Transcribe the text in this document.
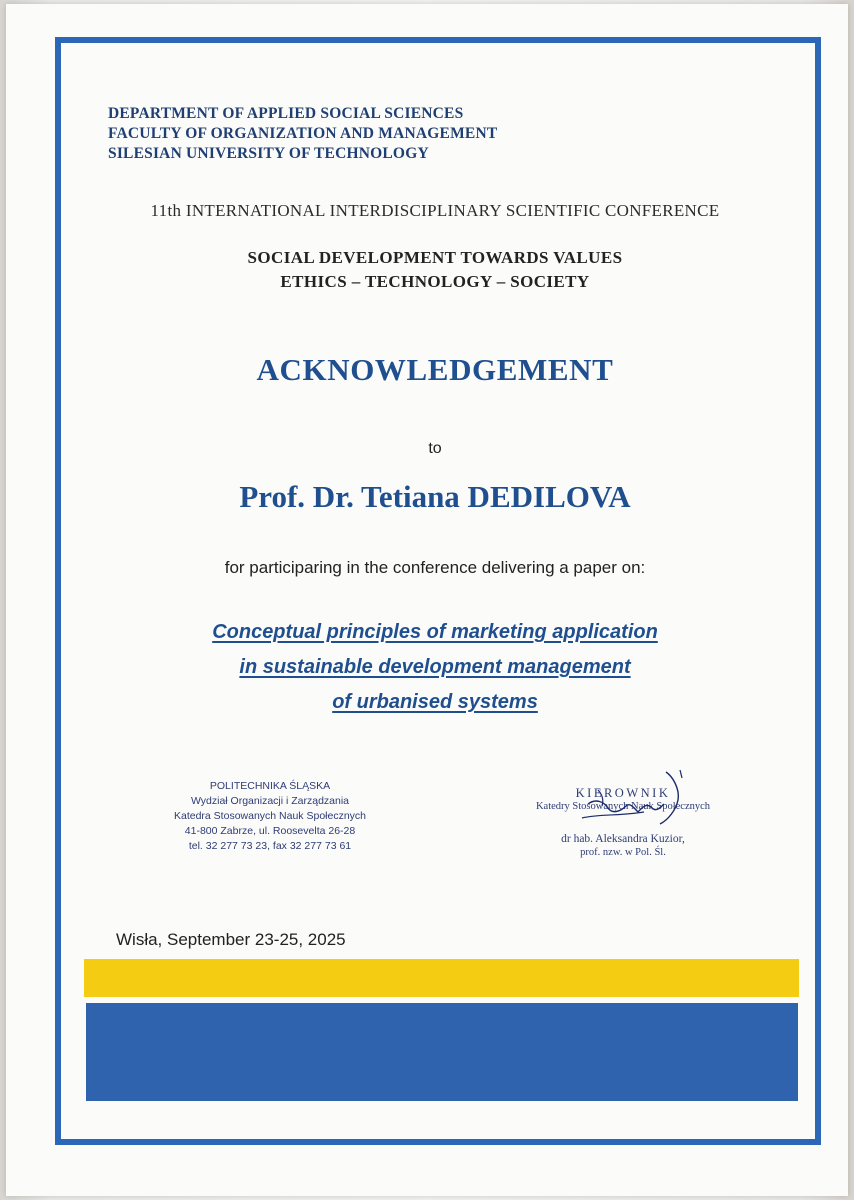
DEPARTMENT OF APPLIED SOCIAL SCIENCES
FACULTY OF ORGANIZATION AND MANAGEMENT
SILESIAN UNIVERSITY OF TECHNOLOGY
11th INTERNATIONAL INTERDISCIPLINARY SCIENTIFIC CONFERENCE
SOCIAL DEVELOPMENT TOWARDS VALUES
ETHICS – TECHNOLOGY – SOCIETY
ACKNOWLEDGEMENT
to
Prof. Dr. Tetiana DEDILOVA
for participaring in the conference delivering a paper on:
Conceptual principles of marketing application
in sustainable development management
of urbanised systems
POLITECHNIKA ŚLĄSKA
Wydział Organizacji i Zarządzania
Katedra Stosowanych Nauk Społecznych
41-800 Zabrze, ul. Roosevelta 26-28
tel. 32 277 73 23, fax 32 277 73 61
KIEROWNIK
Katedry Stosowanych Nauk Społecznych
dr hab. Aleksandra Kuzior,
prof. nzw. w Pol. Śl.
Wisła, September 23-25, 2025
